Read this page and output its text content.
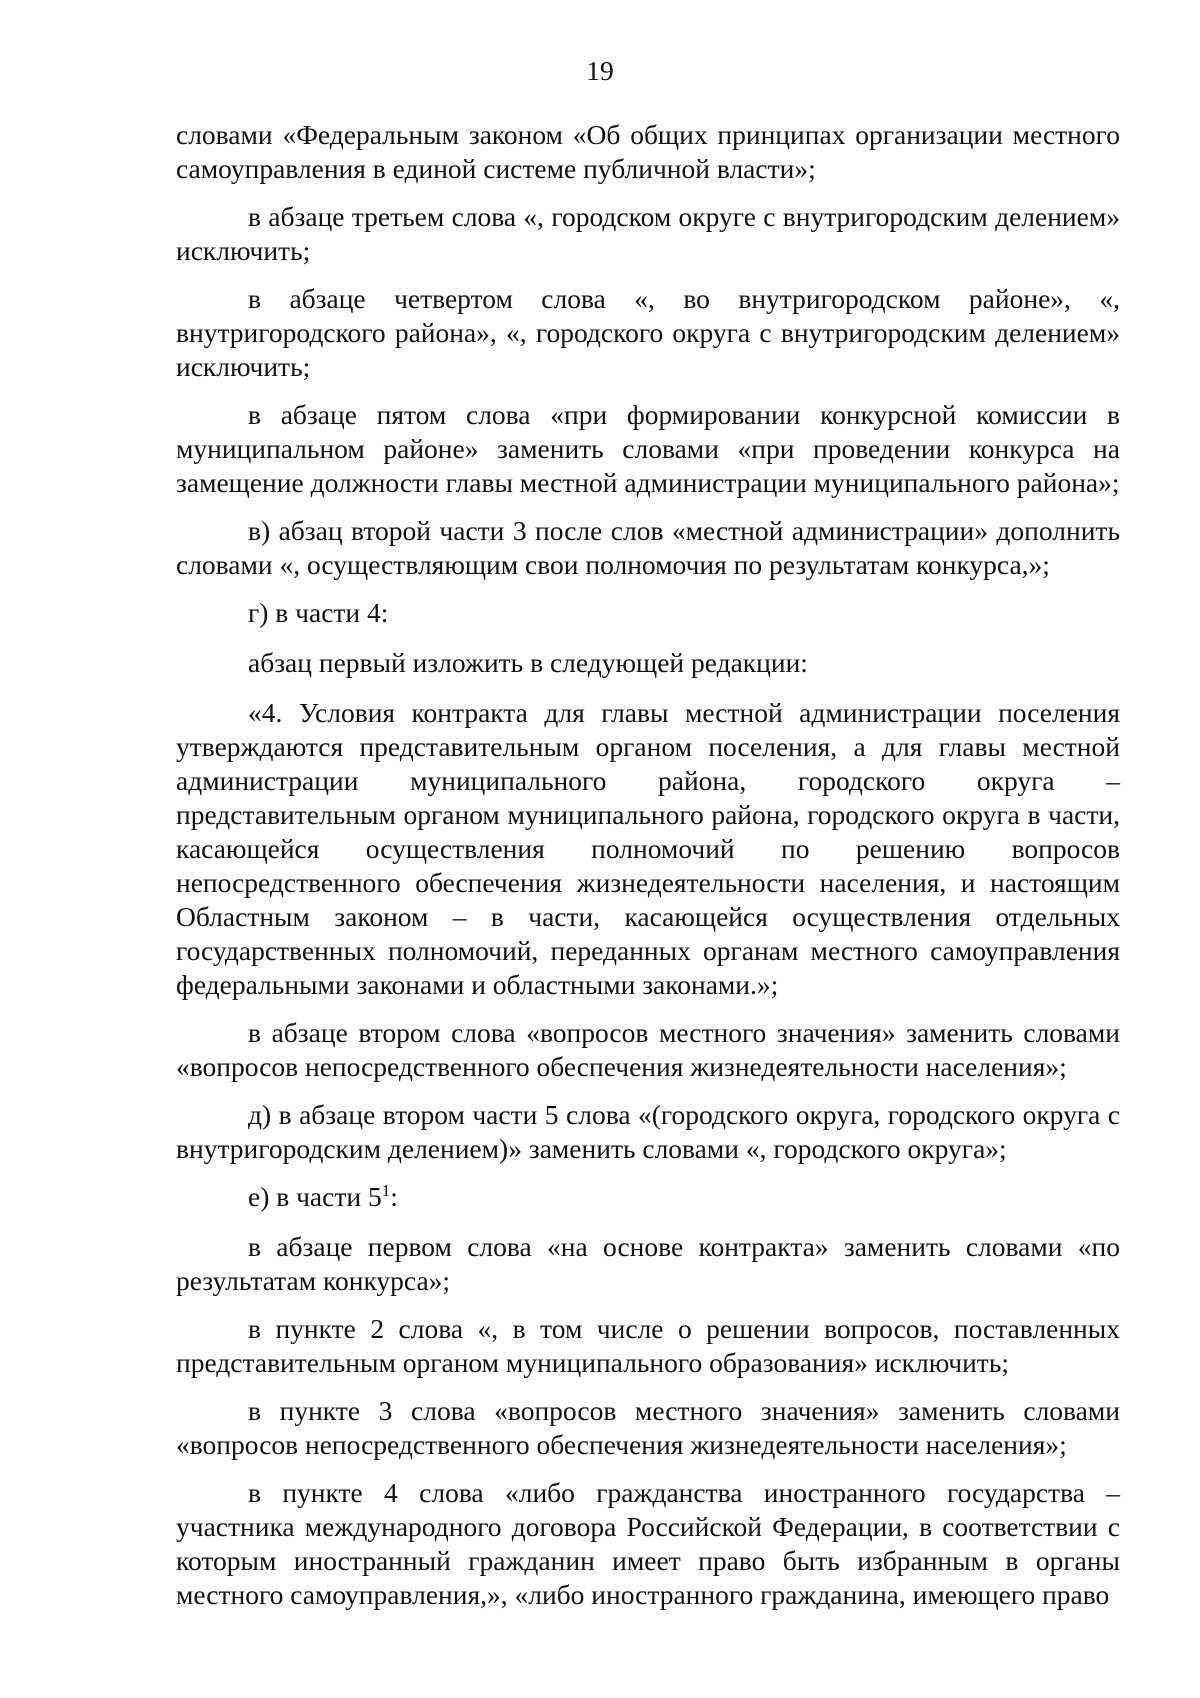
19

словами «Федеральным законом «Об общих принципах организации местного самоуправления в единой системе публичной власти»;

в абзаце третьем слова «, городском округе с внутригородским делением» исключить;

в абзаце четвертом слова «, во внутригородском районе», «, внутригородского района», «, городского округа с внутригородским делением» исключить;

в абзаце пятом слова «при формировании конкурсной комиссии в муниципальном районе» заменить словами «при проведении конкурса на замещение должности главы местной администрации муниципального района»;

в) абзац второй части 3 после слов «местной администрации» дополнить словами «, осуществляющим свои полномочия по результатам конкурса,»;

г) в части 4:

абзац первый изложить в следующей редакции:

«4. Условия контракта для главы местной администрации поселения утверждаются представительным органом поселения, а для главы местной администрации муниципального района, городского округа – представительным органом муниципального района, городского округа в части, касающейся осуществления полномочий по решению вопросов непосредственного обеспечения жизнедеятельности населения, и настоящим Областным законом – в части, касающейся осуществления отдельных государственных полномочий, переданных органам местного самоуправления федеральными законами и областными законами.»;

в абзаце втором слова «вопросов местного значения» заменить словами «вопросов непосредственного обеспечения жизнедеятельности населения»;

д) в абзаце втором части 5 слова «(городского округа, городского округа с внутригородским делением)» заменить словами «, городского округа»;

е) в части $5^1$:

в абзаце первом слова «на основе контракта» заменить словами «по результатам конкурса»;

в пункте 2 слова «, в том числе о решении вопросов, поставленных представительным органом муниципального образования» исключить;

в пункте 3 слова «вопросов местного значения» заменить словами «вопросов непосредственного обеспечения жизнедеятельности населения»;

в пункте 4 слова «либо гражданства иностранного государства – участника международного договора Российской Федерации, в соответствии с которым иностранный гражданин имеет право быть избранным в органы местного самоуправления,», «либо иностранного гражданина, имеющего право
